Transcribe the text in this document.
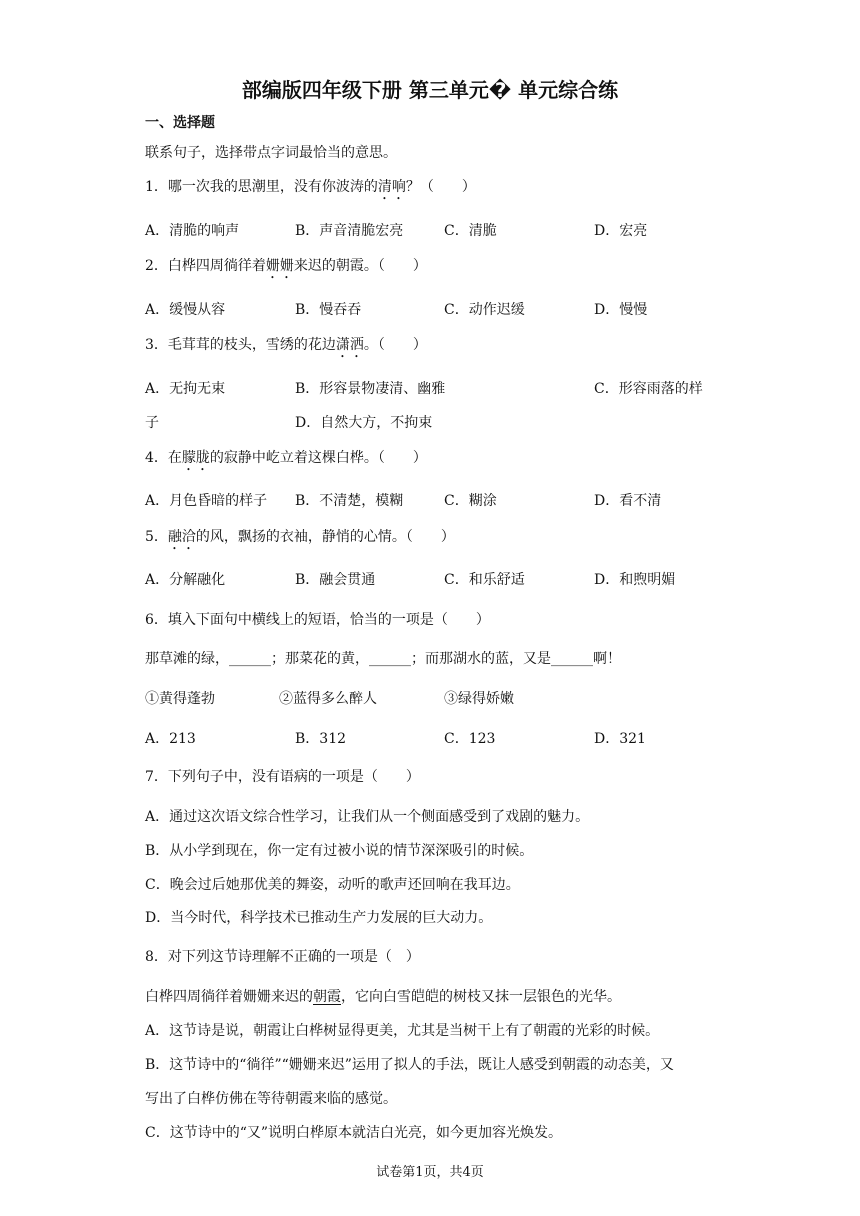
部编版四年级下册 第三单元� 单元综合练
一、选择题
联系句子，选择带点字词最恰当的意思。
1．哪一次我的思潮里，没有你波涛的清响？（　　）
A．清脆的响声	B．声音清脆宏亮	C．清脆	D．宏亮
2．白桦四周徜徉着姗姗来迟的朝霞。（　　）
A．缓慢从容	B．慢吞吞	C．动作迟缓	D．慢慢
3．毛茸茸的枝头，雪绣的花边潇洒。（　　）
A．无拘无束	B．形容景物凄清、幽雅	C．形容雨落的样
子	D．自然大方，不拘束
4．在朦胧的寂静中屹立着这棵白桦。（　　）
A．月色昏暗的样子 B．不清楚，模糊	C．糊涂	D．看不清
5．融洽的风，飘扬的衣袖，静悄的心情。（　　）
A．分解融化	B．融会贯通	C．和乐舒适	D．和煦明媚
6．填入下面句中横线上的短语，恰当的一项是（　　）
那草滩的绿，______；那菜花的黄，______；而那湖水的蓝，又是______啊！
①黄得蓬勃	②蓝得多么醉人	③绿得娇嫩
A．213	B．312	C．123	D．321
7．下列句子中，没有语病的一项是（　　）
A．通过这次语文综合性学习，让我们从一个侧面感受到了戏剧的魅力。
B．从小学到现在，你一定有过被小说的情节深深吸引的时候。
C．晚会过后她那优美的舞姿，动听的歌声还回响在我耳边。
D．当今时代，科学技术已推动生产力发展的巨大动力。
8．对下列这节诗理解不正确的一项是（　）
白桦四周徜徉着姗姗来迟的朝霞，它向白雪皑皑的树枝又抹一层银色的光华。
A．这节诗是说，朝霞让白桦树显得更美，尤其是当树干上有了朝霞的光彩的时候。
B．这节诗中的“徜徉”“姗姗来迟”运用了拟人的手法，既让人感受到朝霞的动态美，又
写出了白桦仿佛在等待朝霞来临的感觉。
C．这节诗中的“又”说明白桦原本就洁白光亮，如今更加容光焕发。
试卷第1页，共4页
